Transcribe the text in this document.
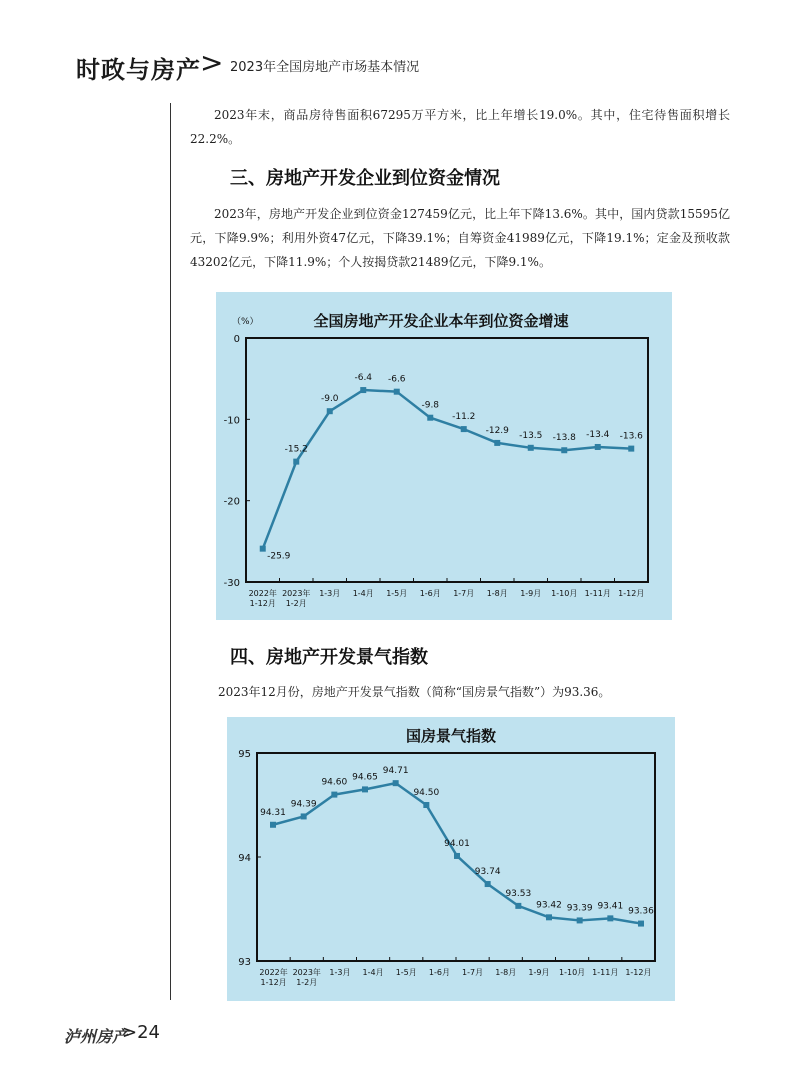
时政与房产 > 2023年全国房地产市场基本情况
2023年末，商品房待售面积67295万平方米，比上年增长19.0%。其中，住宅待售面积增长22.2%。
三、房地产开发企业到位资金情况
2023年，房地产开发企业到位资金127459亿元，比上年下降13.6%。其中，国内贷款15595亿元，下降9.9%；利用外资47亿元，下降39.1%；自筹资金41989亿元，下降19.1%；定金及预收款43202亿元，下降11.9%；个人按揭贷款21489亿元，下降9.1%。
全国房地产开发企业本年到位资金增速
（%）
0
-10
-20
-30
2022年
1-12月
2023年
1-2月
1-3月 1-4月 1-5月 1-6月 1-7月 1-8月 1-9月 1-10月 1-11月 1-12月
-25.9
-15.2
-9.0
-6.4 -6.6
-9.8
-11.2
-12.9 -13.5 -13.8 -13.4 -13.6
四、房地产开发景气指数
2023年12月份，房地产开发景气指数（简称“国房景气指数”）为93.36。
国房景气指数
95
94
93
2022年
1-12月
2023年
1-2月
1-3月 1-4月 1-5月 1-6月 1-7月 1-8月 1-9月 1-10月 1-11月 1-12月
94.31
94.39
94.60
94.65
94.71
94.50
94.01
93.74
93.53
93.42 93.39 93.41
93.36
泸州房产
>24
